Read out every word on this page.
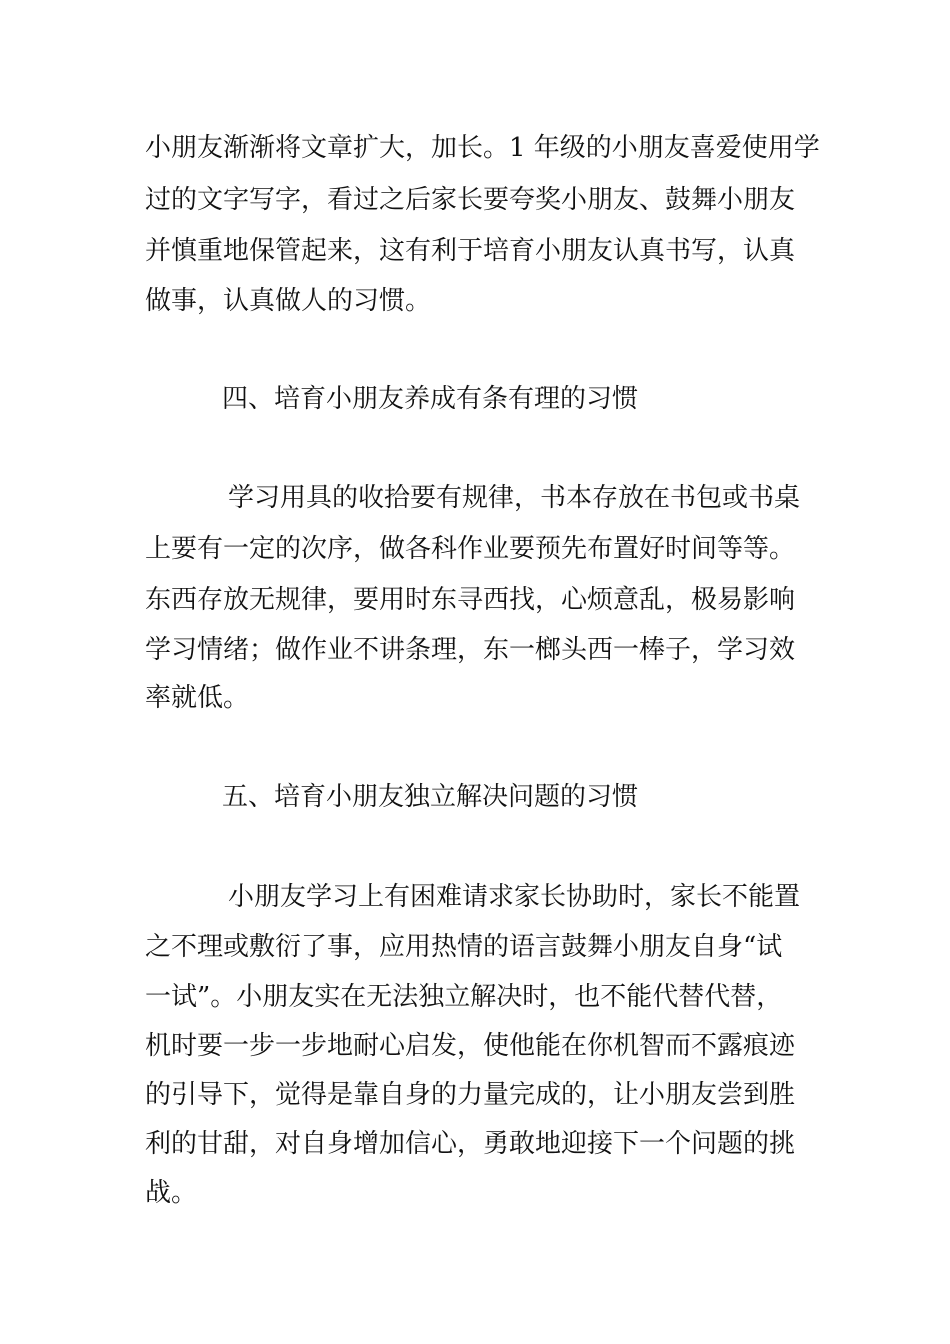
小朋友渐渐将文章扩大，加长。1 年级的小朋友喜爱使用学
过的文字写字，看过之后家长要夸奖小朋友、鼓舞小朋友
并慎重地保管起来，这有利于培育小朋友认真书写，认真
做事，认真做人的习惯。
四、培育小朋友养成有条有理的习惯
学习用具的收拾要有规律，书本存放在书包或书桌
上要有一定的次序，做各科作业要预先布置好时间等等。
东西存放无规律，要用时东寻西找，心烦意乱，极易影响
学习情绪；做作业不讲条理，东一榔头西一棒子，学习效
率就低。
五、培育小朋友独立解决问题的习惯
小朋友学习上有困难请求家长协助时，家长不能置
之不理或敷衍了事，应用热情的语言鼓舞小朋友自身“试
一试”。小朋友实在无法独立解决时，也不能代替代替，
机时要一步一步地耐心启发，使他能在你机智而不露痕迹
的引导下，觉得是靠自身的力量完成的，让小朋友尝到胜
利的甘甜，对自身增加信心，勇敢地迎接下一个问题的挑
战。
